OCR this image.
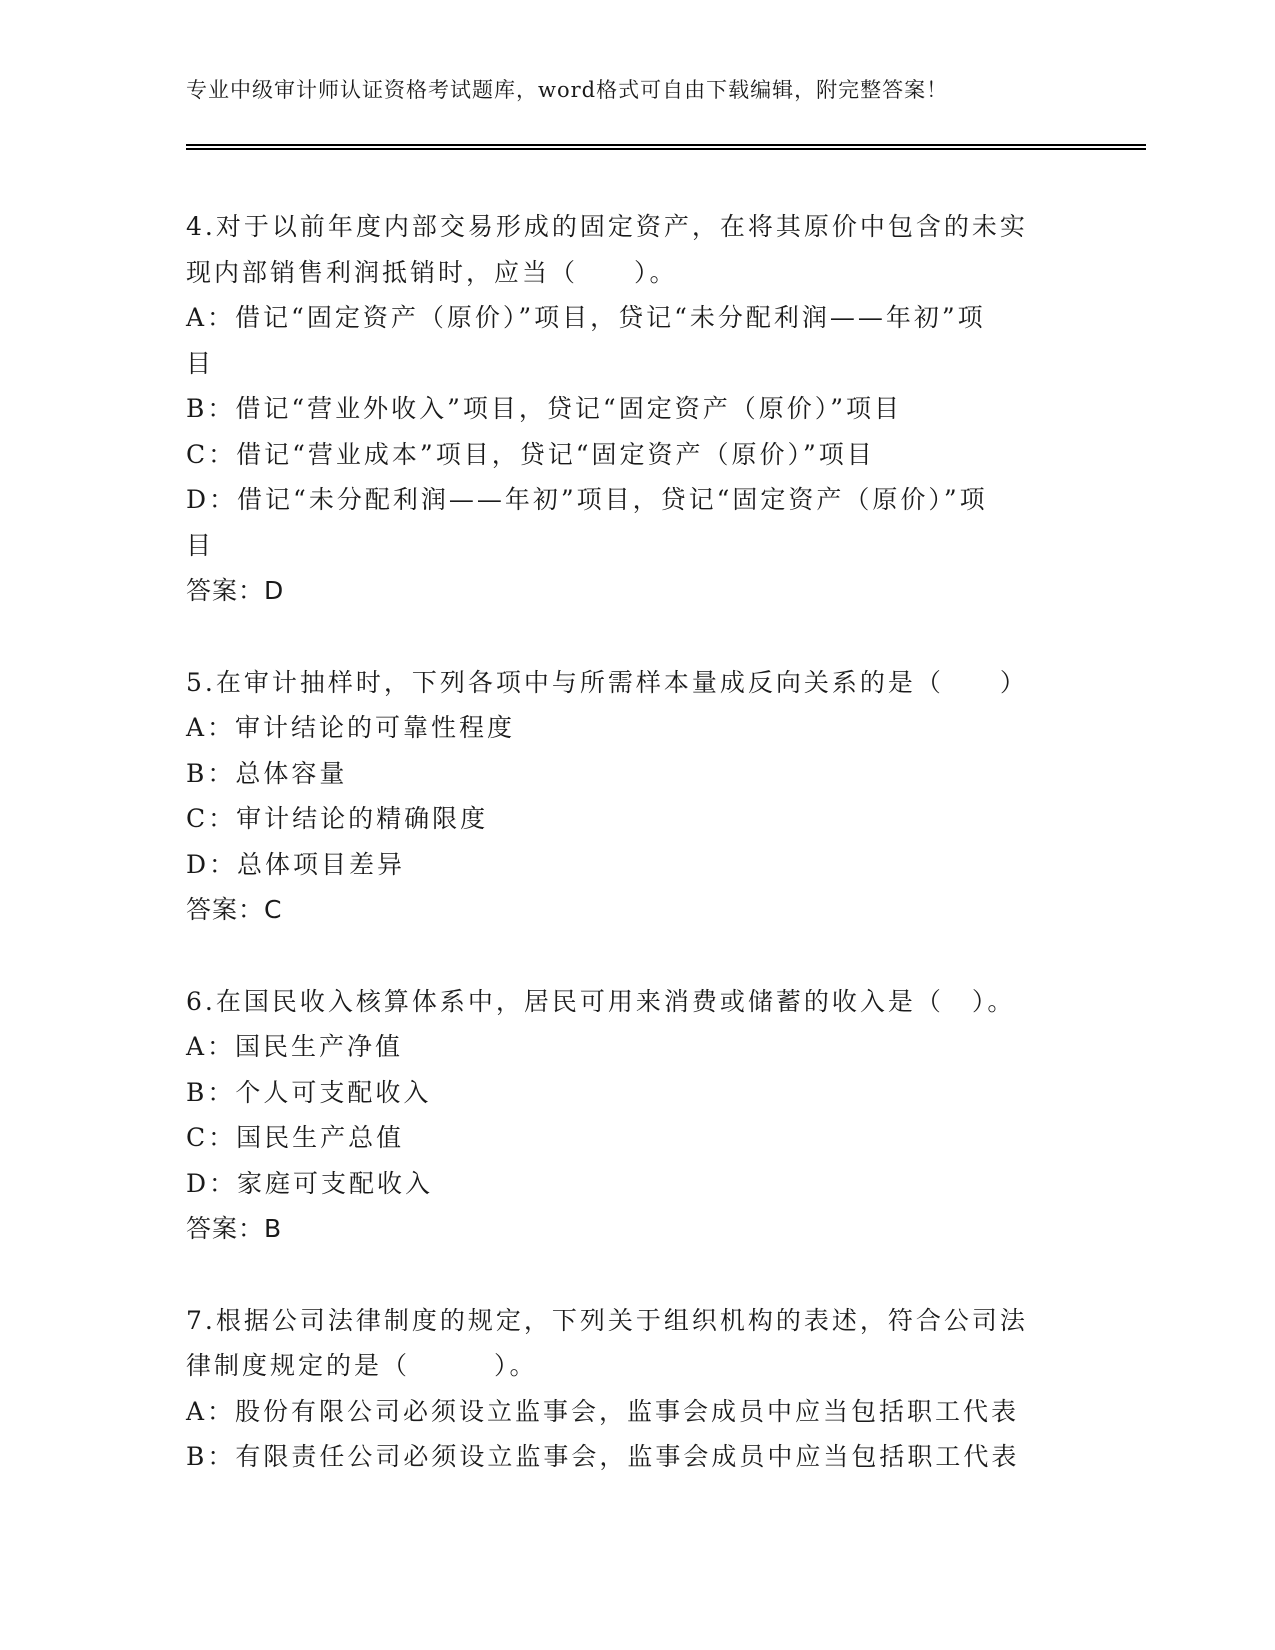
专业中级审计师认证资格考试题库，word格式可自由下载编辑，附完整答案！
4.对于以前年度内部交易形成的固定资产，在将其原价中包含的未实
现内部销售利润抵销时，应当（　　）。
A：借记“固定资产（原价）”项目，贷记“未分配利润——年初”项
目
B：借记“营业外收入”项目，贷记“固定资产（原价）”项目
C：借记“营业成本”项目，贷记“固定资产（原价）”项目
D：借记“未分配利润——年初”项目，贷记“固定资产（原价）”项
目
答案：D
5.在审计抽样时，下列各项中与所需样本量成反向关系的是（　　）
A：审计结论的可靠性程度
B：总体容量
C：审计结论的精确限度
D：总体项目差异
答案：C
6.在国民收入核算体系中，居民可用来消费或储蓄的收入是（　）。
A：国民生产净值
B：个人可支配收入
C：国民生产总值
D：家庭可支配收入
答案：B
7.根据公司法律制度的规定，下列关于组织机构的表述，符合公司法
律制度规定的是（　　　）。
A：股份有限公司必须设立监事会，监事会成员中应当包括职工代表
B：有限责任公司必须设立监事会，监事会成员中应当包括职工代表
